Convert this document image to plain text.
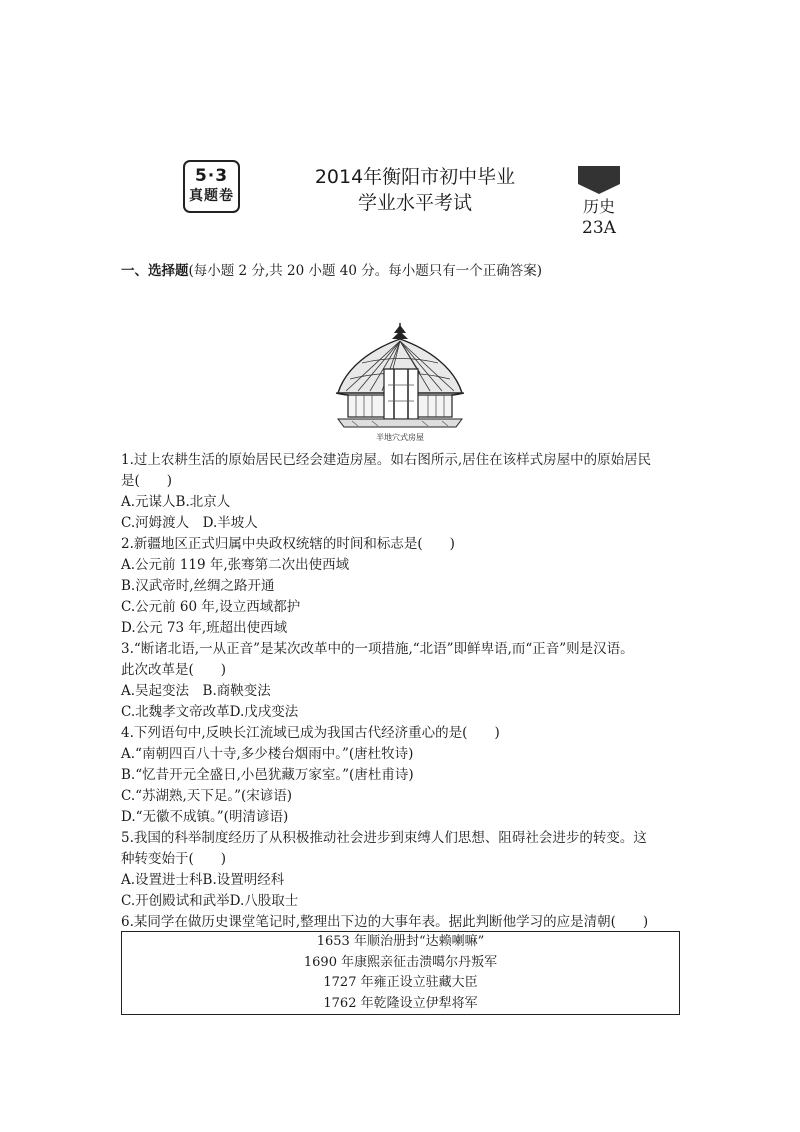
5·3
真题卷
2014年衡阳市初中毕业
学业水平考试	历史
23A
一、选择题(每小题 2 分,共 20 小题 40 分。每小题只有一个正确答案)
半地穴式房屋
1.过上农耕生活的原始居民已经会建造房屋。如右图所示,居住在该样式房屋中的原始居民
是(　　)
A.元谋人B.北京人
C.河姆渡人　D.半坡人
2.新疆地区正式归属中央政权统辖的时间和标志是(　　)
A.公元前 119 年,张骞第二次出使西域
B.汉武帝时,丝绸之路开通
C.公元前 60 年,设立西域都护
D.公元 73 年,班超出使西域
3.“断诸北语,一从正音”是某次改革中的一项措施,“北语”即鲜卑语,而“正音”则是汉语。
此次改革是(　　)
A.吴起变法　B.商鞅变法
C.北魏孝文帝改革D.戊戌变法
4.下列语句中,反映长江流域已成为我国古代经济重心的是(　　)
A.“南朝四百八十寺,多少楼台烟雨中。”(唐杜牧诗)
B.“忆昔开元全盛日,小邑犹藏万家室。”(唐杜甫诗)
C.“苏湖熟,天下足。”(宋谚语)
D.“无徽不成镇。”(明清谚语)
5.我国的科举制度经历了从积极推动社会进步到束缚人们思想、阻碍社会进步的转变。这
种转变始于(　　)
A.设置进士科B.设置明经科
C.开创殿试和武举D.八股取士
6.某同学在做历史课堂笔记时,整理出下边的大事年表。据此判断他学习的应是清朝(　　)
1653 年顺治册封“达赖喇嘛”
1690 年康熙亲征击溃噶尔丹叛军
1727 年雍正设立驻藏大臣
1762 年乾隆设立伊犁将军
